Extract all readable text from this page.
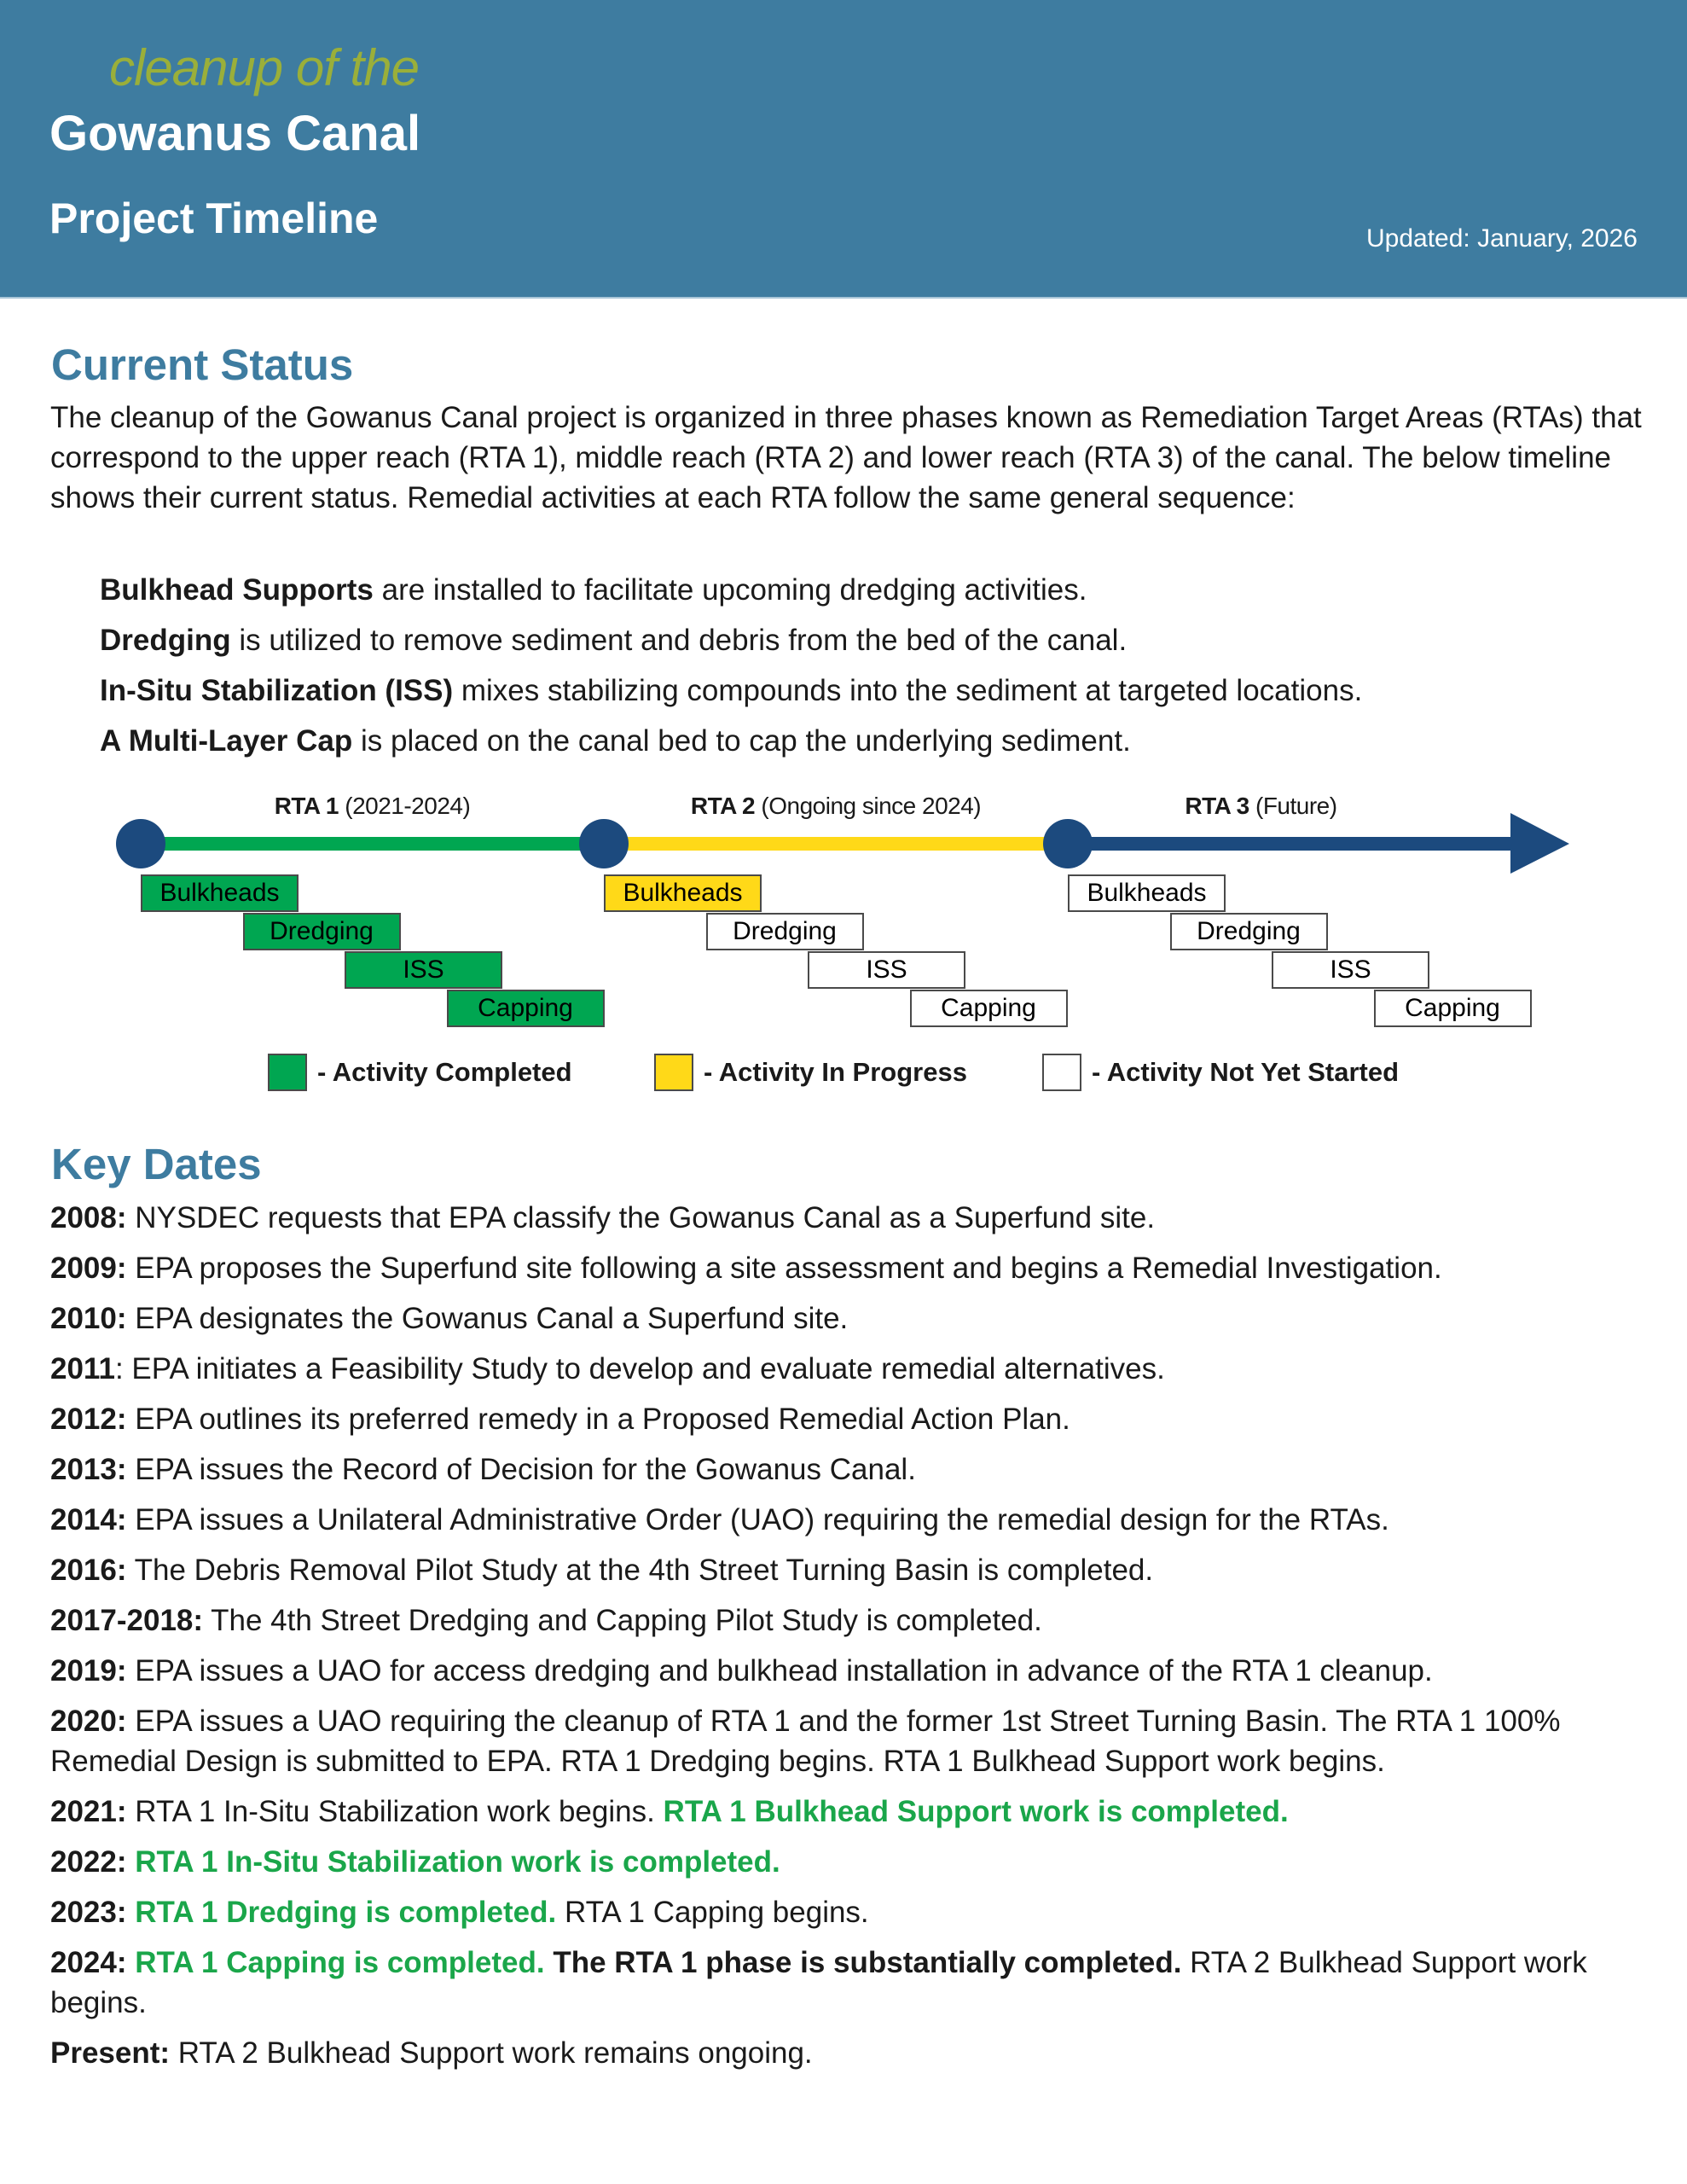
cleanup of the
Gowanus Canal
Project Timeline	Updated: January, 2026
Current Status
The cleanup of the Gowanus Canal project is organized in three phases known as Remediation Target Areas (RTAs) that correspond to the upper reach (RTA 1), middle reach (RTA 2) and lower reach (RTA 3) of the canal. The below timeline shows their current status. Remedial activities at each RTA follow the same general sequence:
Bulkhead Supports are installed to facilitate upcoming dredging activities.
Dredging is utilized to remove sediment and debris from the bed of the canal.
In-Situ Stabilization (ISS) mixes stabilizing compounds into the sediment at targeted locations.
A Multi-Layer Cap is placed on the canal bed to cap the underlying sediment.
RTA 1 (2021-2024)
Bulkheads
Dredging
ISS
Capping
RTA 2 (Ongoing since 2024)
Bulkheads
Dredging
ISS
Capping
RTA 3 (Future)
Bulkheads
Dredging
ISS
Capping
- Activity Completed	- Activity In Progress	- Activity Not Yet Started
Key Dates
2008: NYSDEC requests that EPA classify the Gowanus Canal as a Superfund site.
2009: EPA proposes the Superfund site following a site assessment and begins a Remedial Investigation.
2010: EPA designates the Gowanus Canal a Superfund site.
2011: EPA initiates a Feasibility Study to develop and evaluate remedial alternatives.
2012: EPA outlines its preferred remedy in a Proposed Remedial Action Plan.
2013: EPA issues the Record of Decision for the Gowanus Canal.
2014: EPA issues a Unilateral Administrative Order (UAO) requiring the remedial design for the RTAs.
2016: The Debris Removal Pilot Study at the 4th Street Turning Basin is completed.
2017-2018: The 4th Street Dredging and Capping Pilot Study is completed.
2019: EPA issues a UAO for access dredging and bulkhead installation in advance of the RTA 1 cleanup.
2020: EPA issues a UAO requiring the cleanup of RTA 1 and the former 1st Street Turning Basin. The RTA 1 100% Remedial Design is submitted to EPA. RTA 1 Dredging begins. RTA 1 Bulkhead Support work begins.
2021: RTA 1 In-Situ Stabilization work begins. RTA 1 Bulkhead Support work is completed.
2022: RTA 1 In-Situ Stabilization work is completed.
2023: RTA 1 Dredging is completed. RTA 1 Capping begins.
2024: RTA 1 Capping is completed. The RTA 1 phase is substantially completed. RTA 2 Bulkhead Support work begins.
Present: RTA 2 Bulkhead Support work remains ongoing.
